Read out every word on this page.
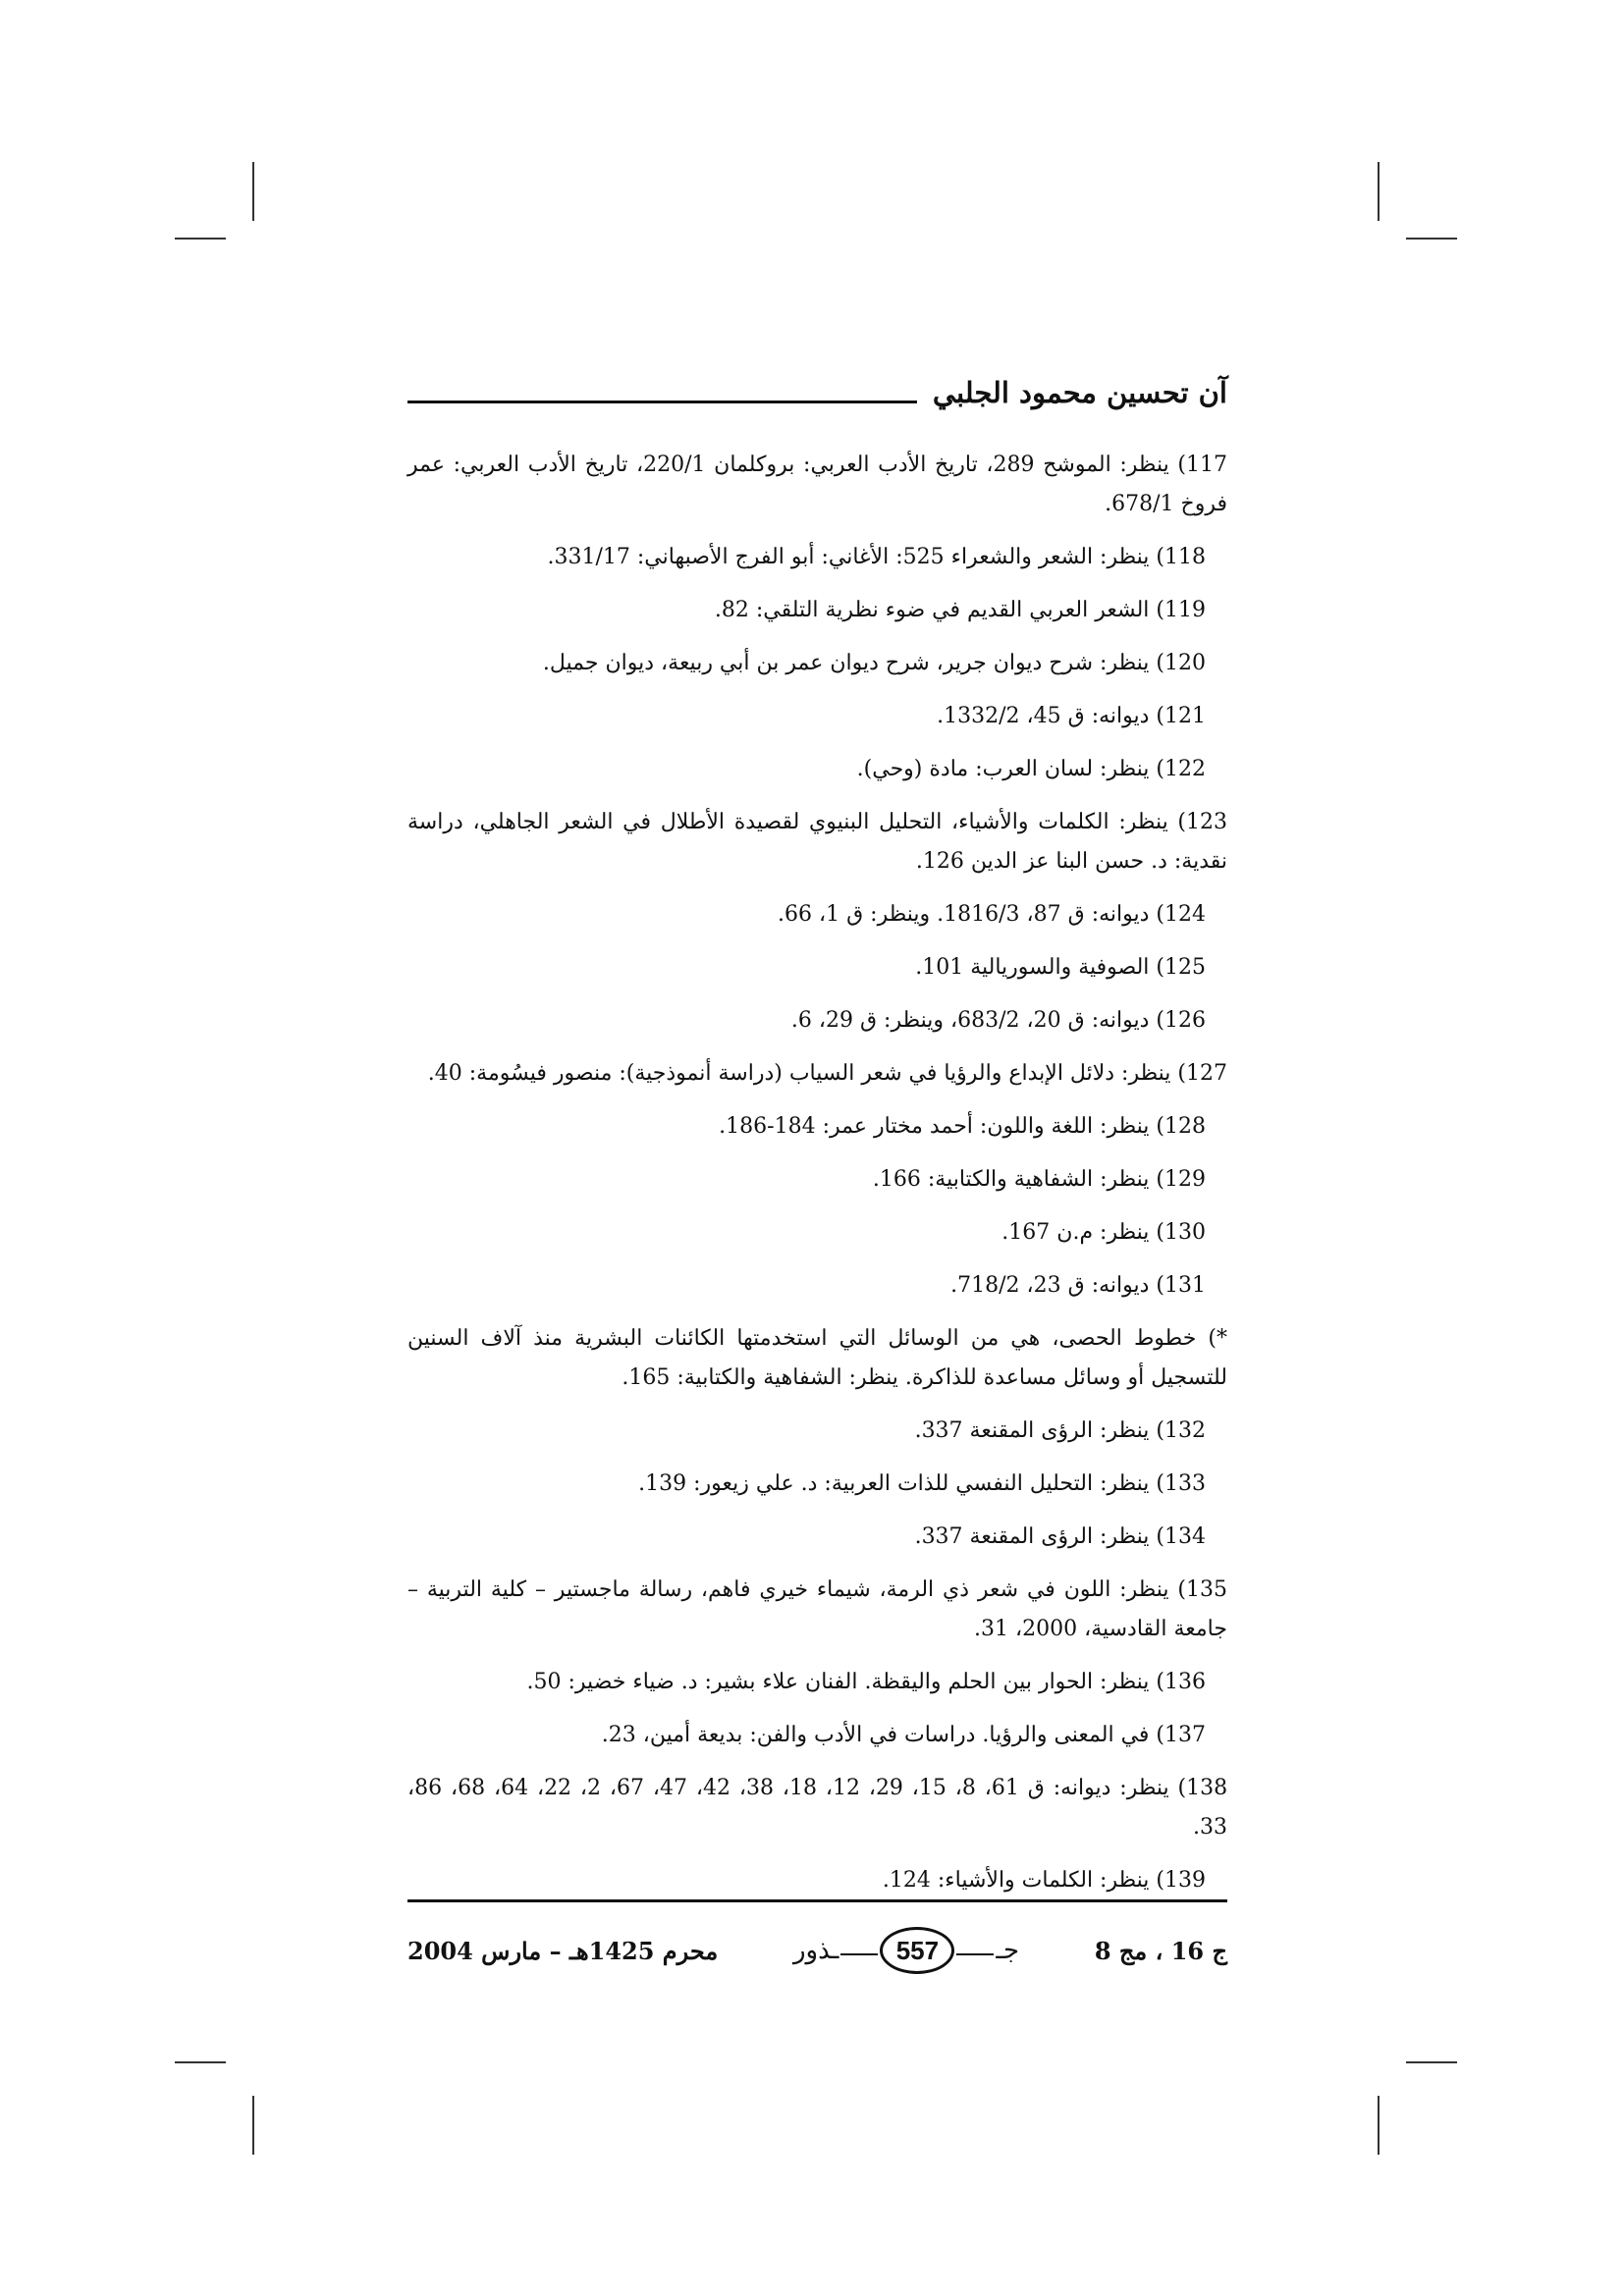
آن تحسين محمود الجلبي
117) ينظر: الموشح 289، تاريخ الأدب العربي: بروكلمان 220/1، تاريخ الأدب العربي: عمر فروخ 678/1.
118) ينظر: الشعر والشعراء 525: الأغاني: أبو الفرج الأصبهاني: 331/17.
119) الشعر العربي القديم في ضوء نظرية التلقي: 82.
120) ينظر: شرح ديوان جرير، شرح ديوان عمر بن أبي ربيعة، ديوان جميل.
121) ديوانه: ق 45، 1332/2.
122) ينظر: لسان العرب: مادة (وحي).
123) ينظر: الكلمات والأشياء، التحليل البنيوي لقصيدة الأطلال في الشعر الجاهلي، دراسة نقدية: د. حسن البنا عز الدين 126.
124) ديوانه: ق 87، 1816/3. وينظر: ق 1، 66.
125) الصوفية والسوريالية 101.
126) ديوانه: ق 20، 683/2، وينظر: ق 29، 6.
127) ينظر: دلائل الإبداع والرؤيا في شعر السياب (دراسة أنموذجية): منصور فيسُومة: 40.
128) ينظر: اللغة واللون: أحمد مختار عمر: 184-186.
129) ينظر: الشفاهية والكتابية: 166.
130) ينظر: م.ن 167.
131) ديوانه: ق 23، 718/2.
*) خطوط الحصى، هي من الوسائل التي استخدمتها الكائنات البشرية منذ آلاف السنين للتسجيل أو وسائل مساعدة للذاكرة. ينظر: الشفاهية والكتابية: 165.
132) ينظر: الرؤى المقنعة 337.
133) ينظر: التحليل النفسي للذات العربية: د. علي زيعور: 139.
134) ينظر: الرؤى المقنعة 337.
135) ينظر: اللون في شعر ذي الرمة، شيماء خيري فاهم، رسالة ماجستير – كلية التربية – جامعة القادسية، 2000، 31.
136) ينظر: الحوار بين الحلم واليقظة. الفنان علاء بشير: د. ضياء خضير: 50.
137) في المعنى والرؤيا. دراسات في الأدب والفن: بديعة أمين، 23.
138) ينظر: ديوانه: ق 61، 8، 15، 29، 12، 18، 38، 42، 47، 67، 2، 22، 64، 68، 86، 33.
139) ينظر: الكلمات والأشياء: 124.
ج 16 ، مج 8
جـ
557
ـذور
محرم 1425هـ – مارس 2004
